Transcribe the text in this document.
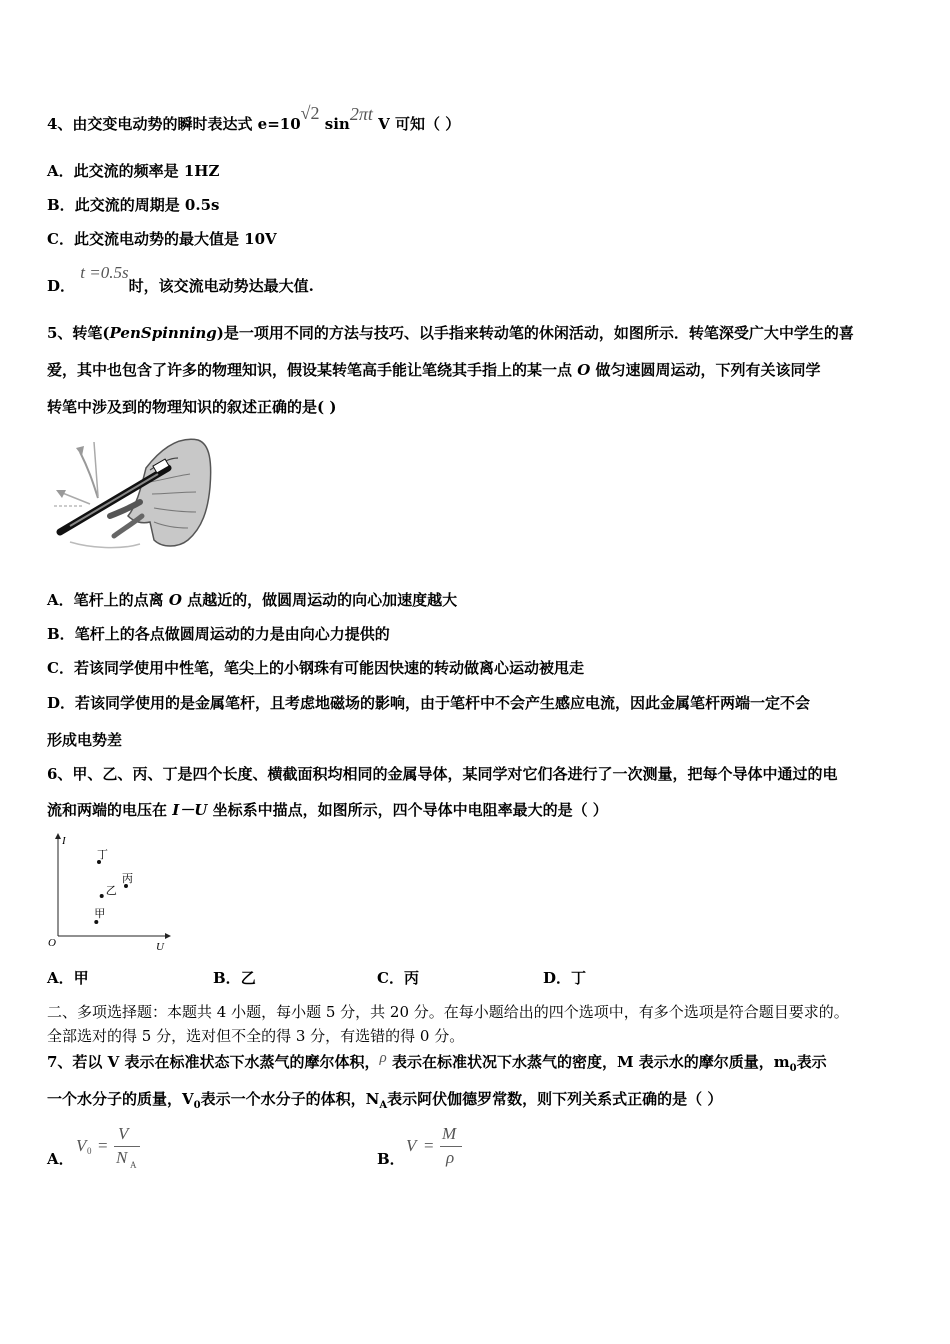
4、由交变电动势的瞬时表达式 e=10√2 sin2πt V 可知（ ）
A．此交流的频率是 1HZ
B．此交流的周期是 0.5s
C．此交流电动势的最大值是 10V
D． t =0.5s时，该交流电动势达最大值.
5、转笔(PenSpinning)是一项用不同的方法与技巧、以手指来转动笔的休闲活动，如图所示．转笔深受广大中学生的喜
爱，其中也包含了许多的物理知识，假设某转笔高手能让笔绕其手指上的某一点 O 做匀速圆周运动，下列有关该同学
转笔中涉及到的物理知识的叙述正确的是( )
A．笔杆上的点离 O 点越近的，做圆周运动的向心加速度越大
B．笔杆上的各点做圆周运动的力是由向心力提供的
C．若该同学使用中性笔，笔尖上的小钢珠有可能因快速的转动做离心运动被甩走
D．若该同学使用的是金属笔杆，且考虑地磁场的影响，由于笔杆中不会产生感应电流，因此金属笔杆两端一定不会
形成电势差
6、甲、乙、丙、丁是四个长度、横截面积均相同的金属导体，某同学对它们各进行了一次测量，把每个导体中通过的电
流和两端的电压在 I－U 坐标系中描点，如图所示，四个导体中电阻率最大的是（ ）
I
U
O
丁
乙
丙
甲
A．甲	B．乙	C．丙	D．丁
二、多项选择题：本题共 4 小题，每小题 5 分，共 20 分。在每小题给出的四个选项中，有多个选项是符合题目要求的。
全部选对的得 5 分，选对但不全的得 3 分，有选错的得 0 分。
7、若以 V 表示在标准状态下水蒸气的摩尔体积，ρ 表示在标准状况下水蒸气的密度，M 表示水的摩尔质量，$m_0$表示
一个水分子的质量，$V_0$表示一个水分子的体积，$N_A$表示阿伏伽德罗常数，则下列关系式正确的是（ ）
A．
V 0 =
V
N A	B．
V =
M
ρ
